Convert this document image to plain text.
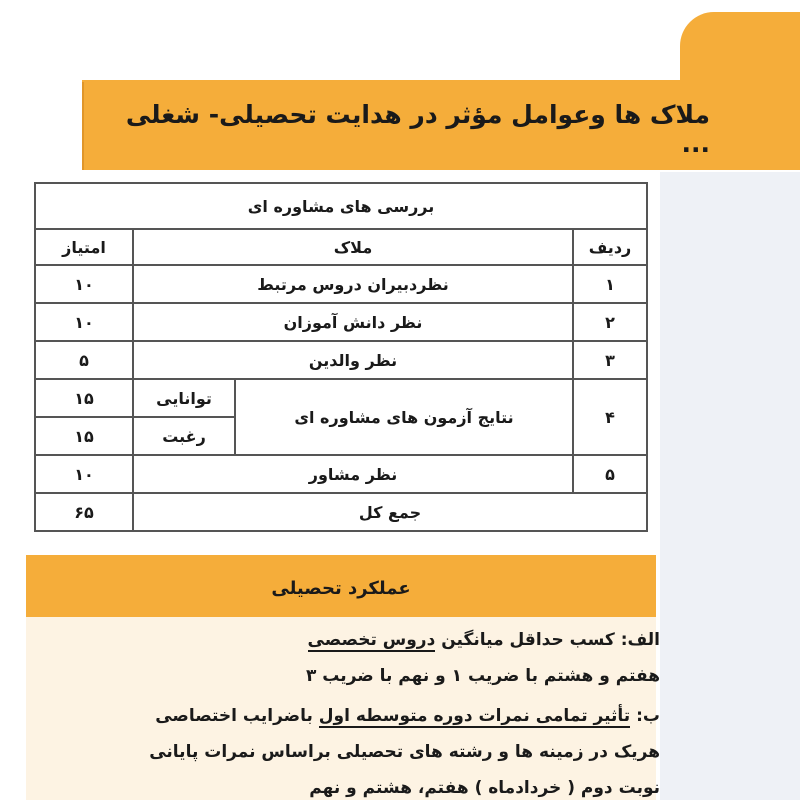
ملاک ها وعوامل مؤثر در هدایت تحصیلی- شغلی ...
بررسی های مشاوره ای			
ردیف	ملاک		امتیاز
۱	نظردبیران دروس مرتبط		۱۰
۲	نظر دانش آموزان		۱۰
۳	نظر والدین		۵
۴	نتایج آزمون های مشاوره ای	توانایی	۱۵
		رغبت	۱۵
۵	نظر مشاور		۱۰
جمع کل			۶۵
عملکرد تحصیلی
الف: کسب حداقل میانگین دروس تخصصی
هفتم و هشتم با ضریب ۱ و نهم با ضریب ۳
ب: تأثیر تمامی نمرات دوره متوسطه اول باضرایب اختصاصی
هریک در زمینه ها و رشته های تحصیلی براساس نمرات پایانی
نوبت دوم ( خردادماه ) هفتم، هشتم و نهم
